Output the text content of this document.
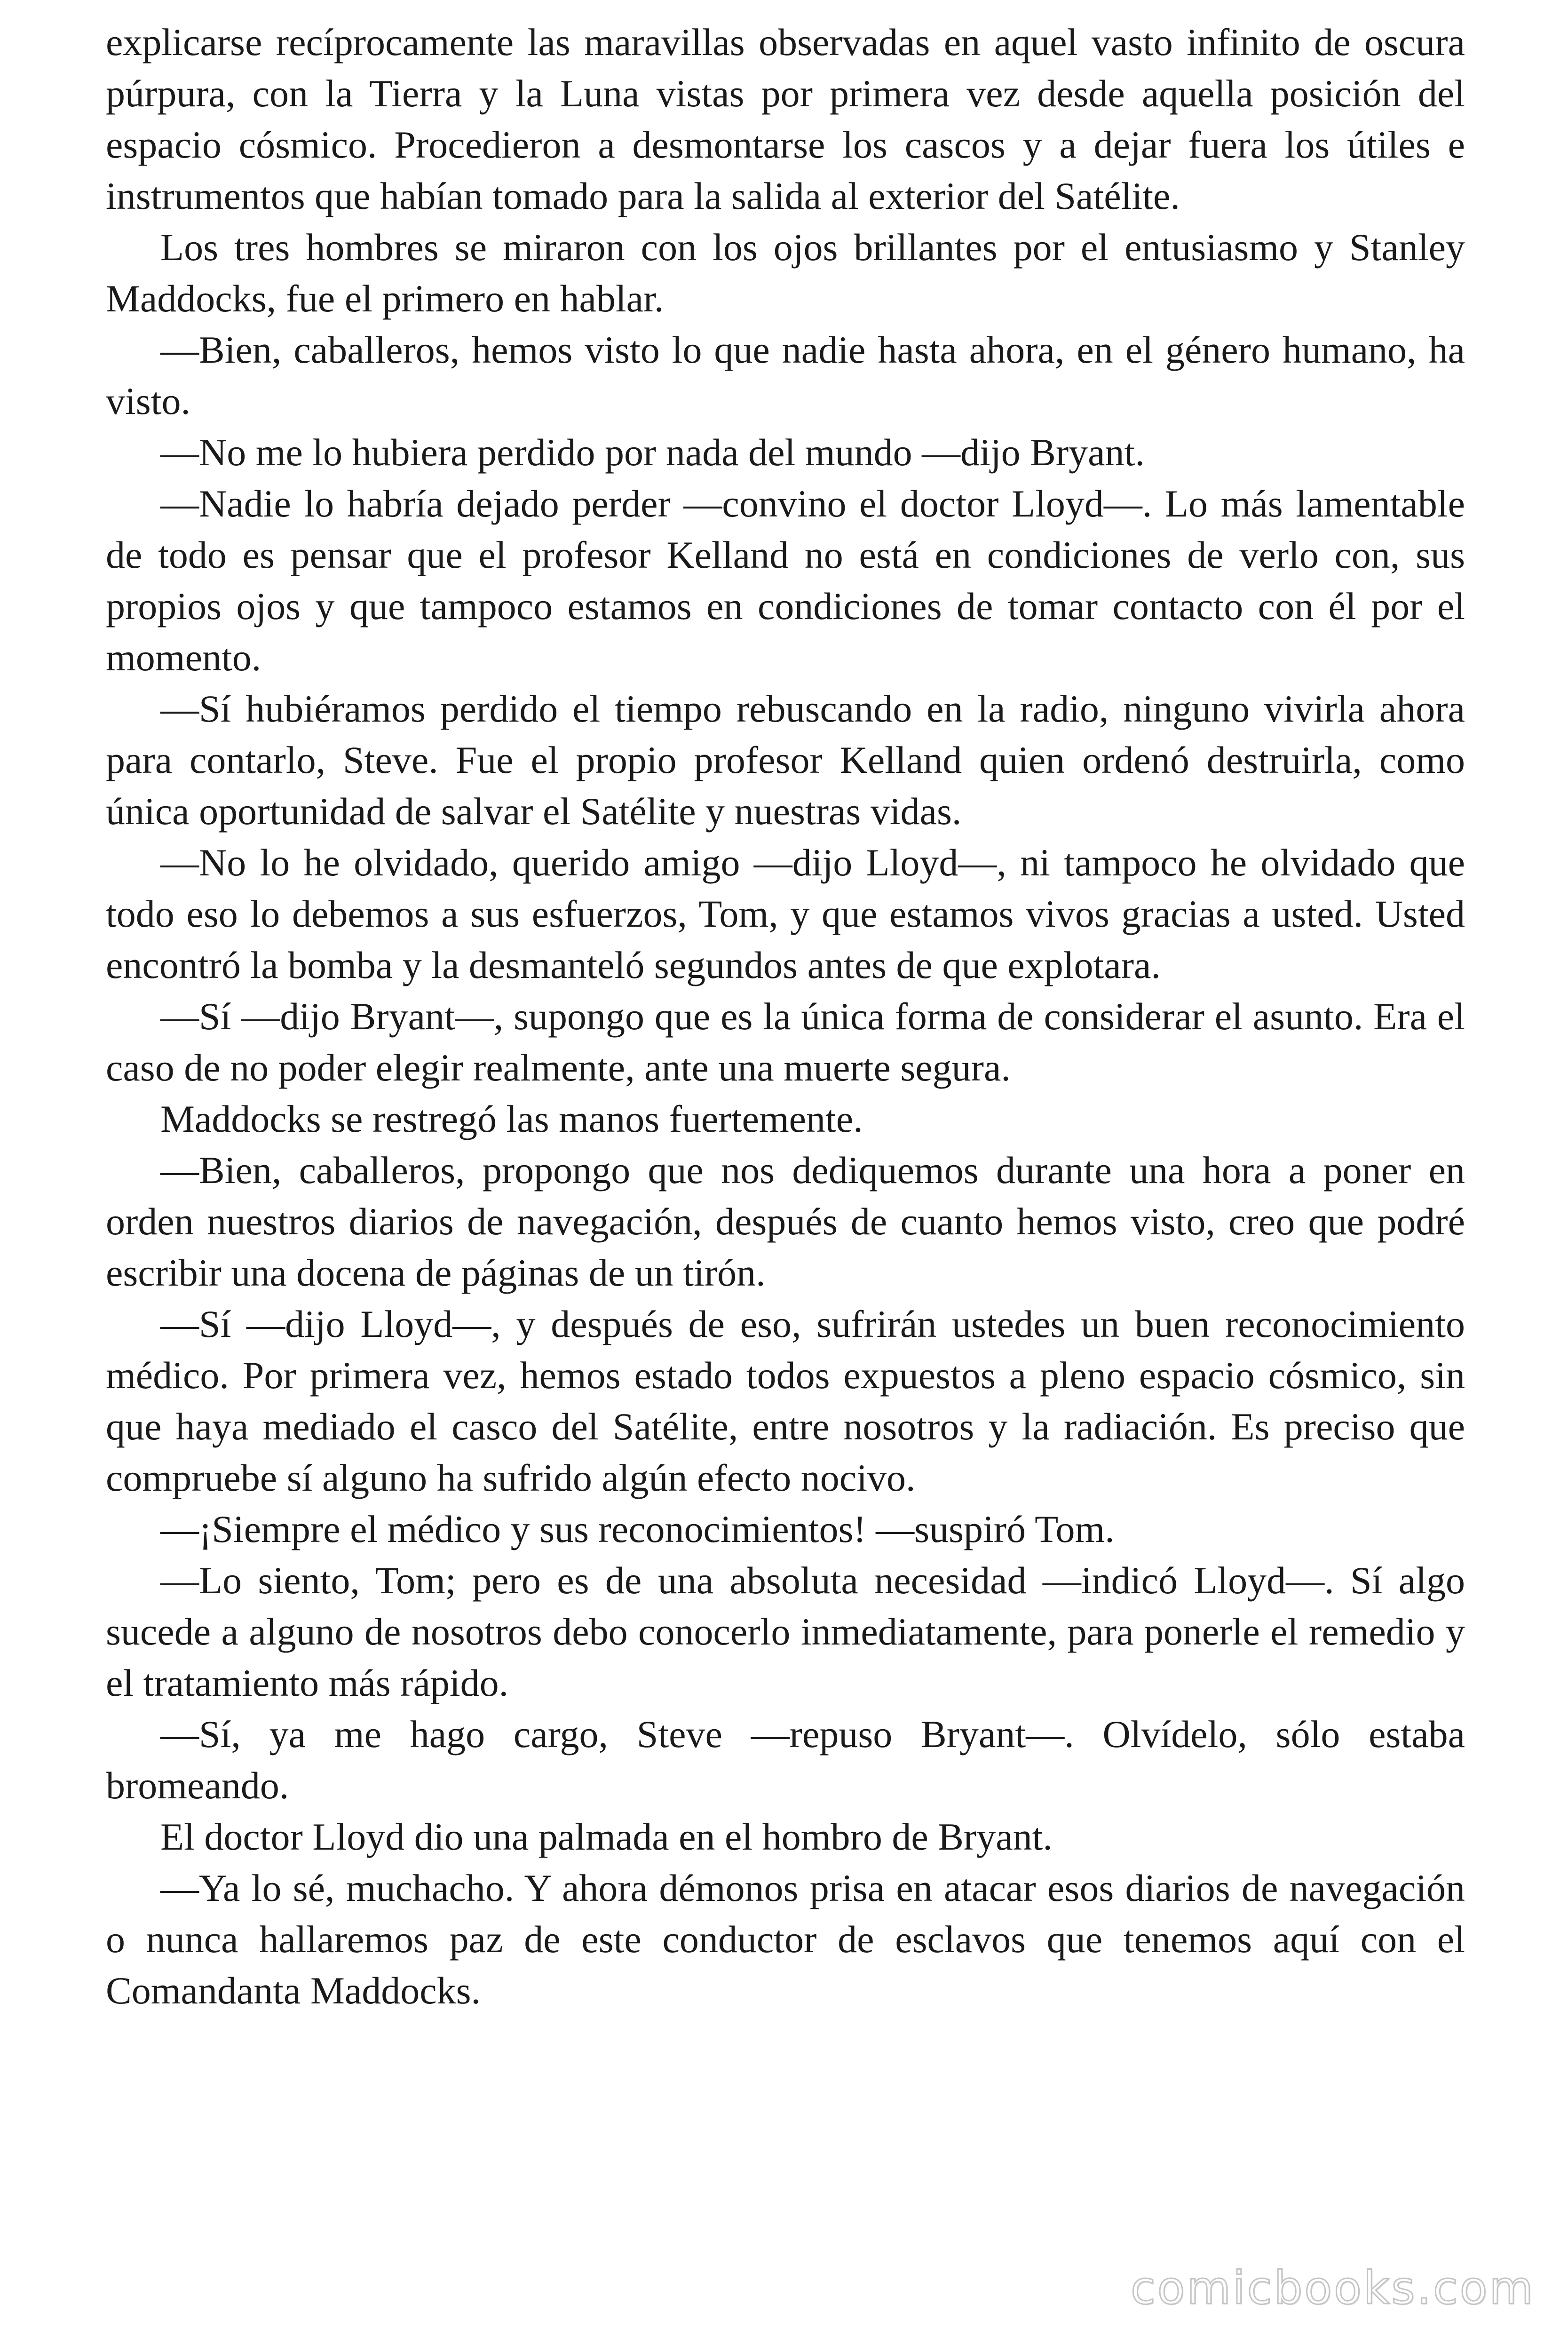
explicarse recíprocamente las maravillas observadas en aquel vasto infinito de oscura púrpura, con la Tierra y la Luna vistas por primera vez desde aquella posición del espacio cósmico. Procedieron a desmontarse los cascos y a dejar fuera los útiles e instrumentos que habían tomado para la salida al exterior del Satélite.

Los tres hombres se miraron con los ojos brillantes por el entusiasmo y Stanley Maddocks, fue el primero en hablar.

—Bien, caballeros, hemos visto lo que nadie hasta ahora, en el género humano, ha visto.

—No me lo hubiera perdido por nada del mundo —dijo Bryant.

—Nadie lo habría dejado perder —convino el doctor Lloyd—. Lo más lamentable de todo es pensar que el profesor Kelland no está en condiciones de verlo con, sus propios ojos y que tampoco estamos en condiciones de tomar contacto con él por el momento.

—Sí hubiéramos perdido el tiempo rebuscando en la radio, ninguno vivirla ahora para contarlo, Steve. Fue el propio profesor Kelland quien ordenó destruirla, como única oportunidad de salvar el Satélite y nuestras vidas.

—No lo he olvidado, querido amigo —dijo Lloyd—, ni tampoco he olvidado que todo eso lo debemos a sus esfuerzos, Tom, y que estamos vivos gracias a usted. Usted encontró la bomba y la desmanteló segundos antes de que explotara.

—Sí —dijo Bryant—, supongo que es la única forma de considerar el asunto. Era el caso de no poder elegir realmente, ante una muerte segura.

Maddocks se restregó las manos fuertemente.

—Bien, caballeros, propongo que nos dediquemos durante una hora a poner en orden nuestros diarios de navegación, después de cuanto hemos visto, creo que podré escribir una docena de páginas de un tirón.

—Sí —dijo Lloyd—, y después de eso, sufrirán ustedes un buen reconocimiento médico. Por primera vez, hemos estado todos expuestos a pleno espacio cósmico, sin que haya mediado el casco del Satélite, entre nosotros y la radiación. Es preciso que compruebe sí alguno ha sufrido algún efecto nocivo.

—¡Siempre el médico y sus reconocimientos! —suspiró Tom.

—Lo siento, Tom; pero es de una absoluta necesidad —indicó Lloyd—. Sí algo sucede a alguno de nosotros debo conocerlo inmediatamente, para ponerle el remedio y el tratamiento más rápido.

—Sí, ya me hago cargo, Steve —repuso Bryant—. Olvídelo, sólo estaba bromeando.

El doctor Lloyd dio una palmada en el hombro de Bryant.

—Ya lo sé, muchacho. Y ahora démonos prisa en atacar esos diarios de navegación o nunca hallaremos paz de este conductor de esclavos que tenemos aquí con el Comandanta Maddocks.

comicbooks.com
